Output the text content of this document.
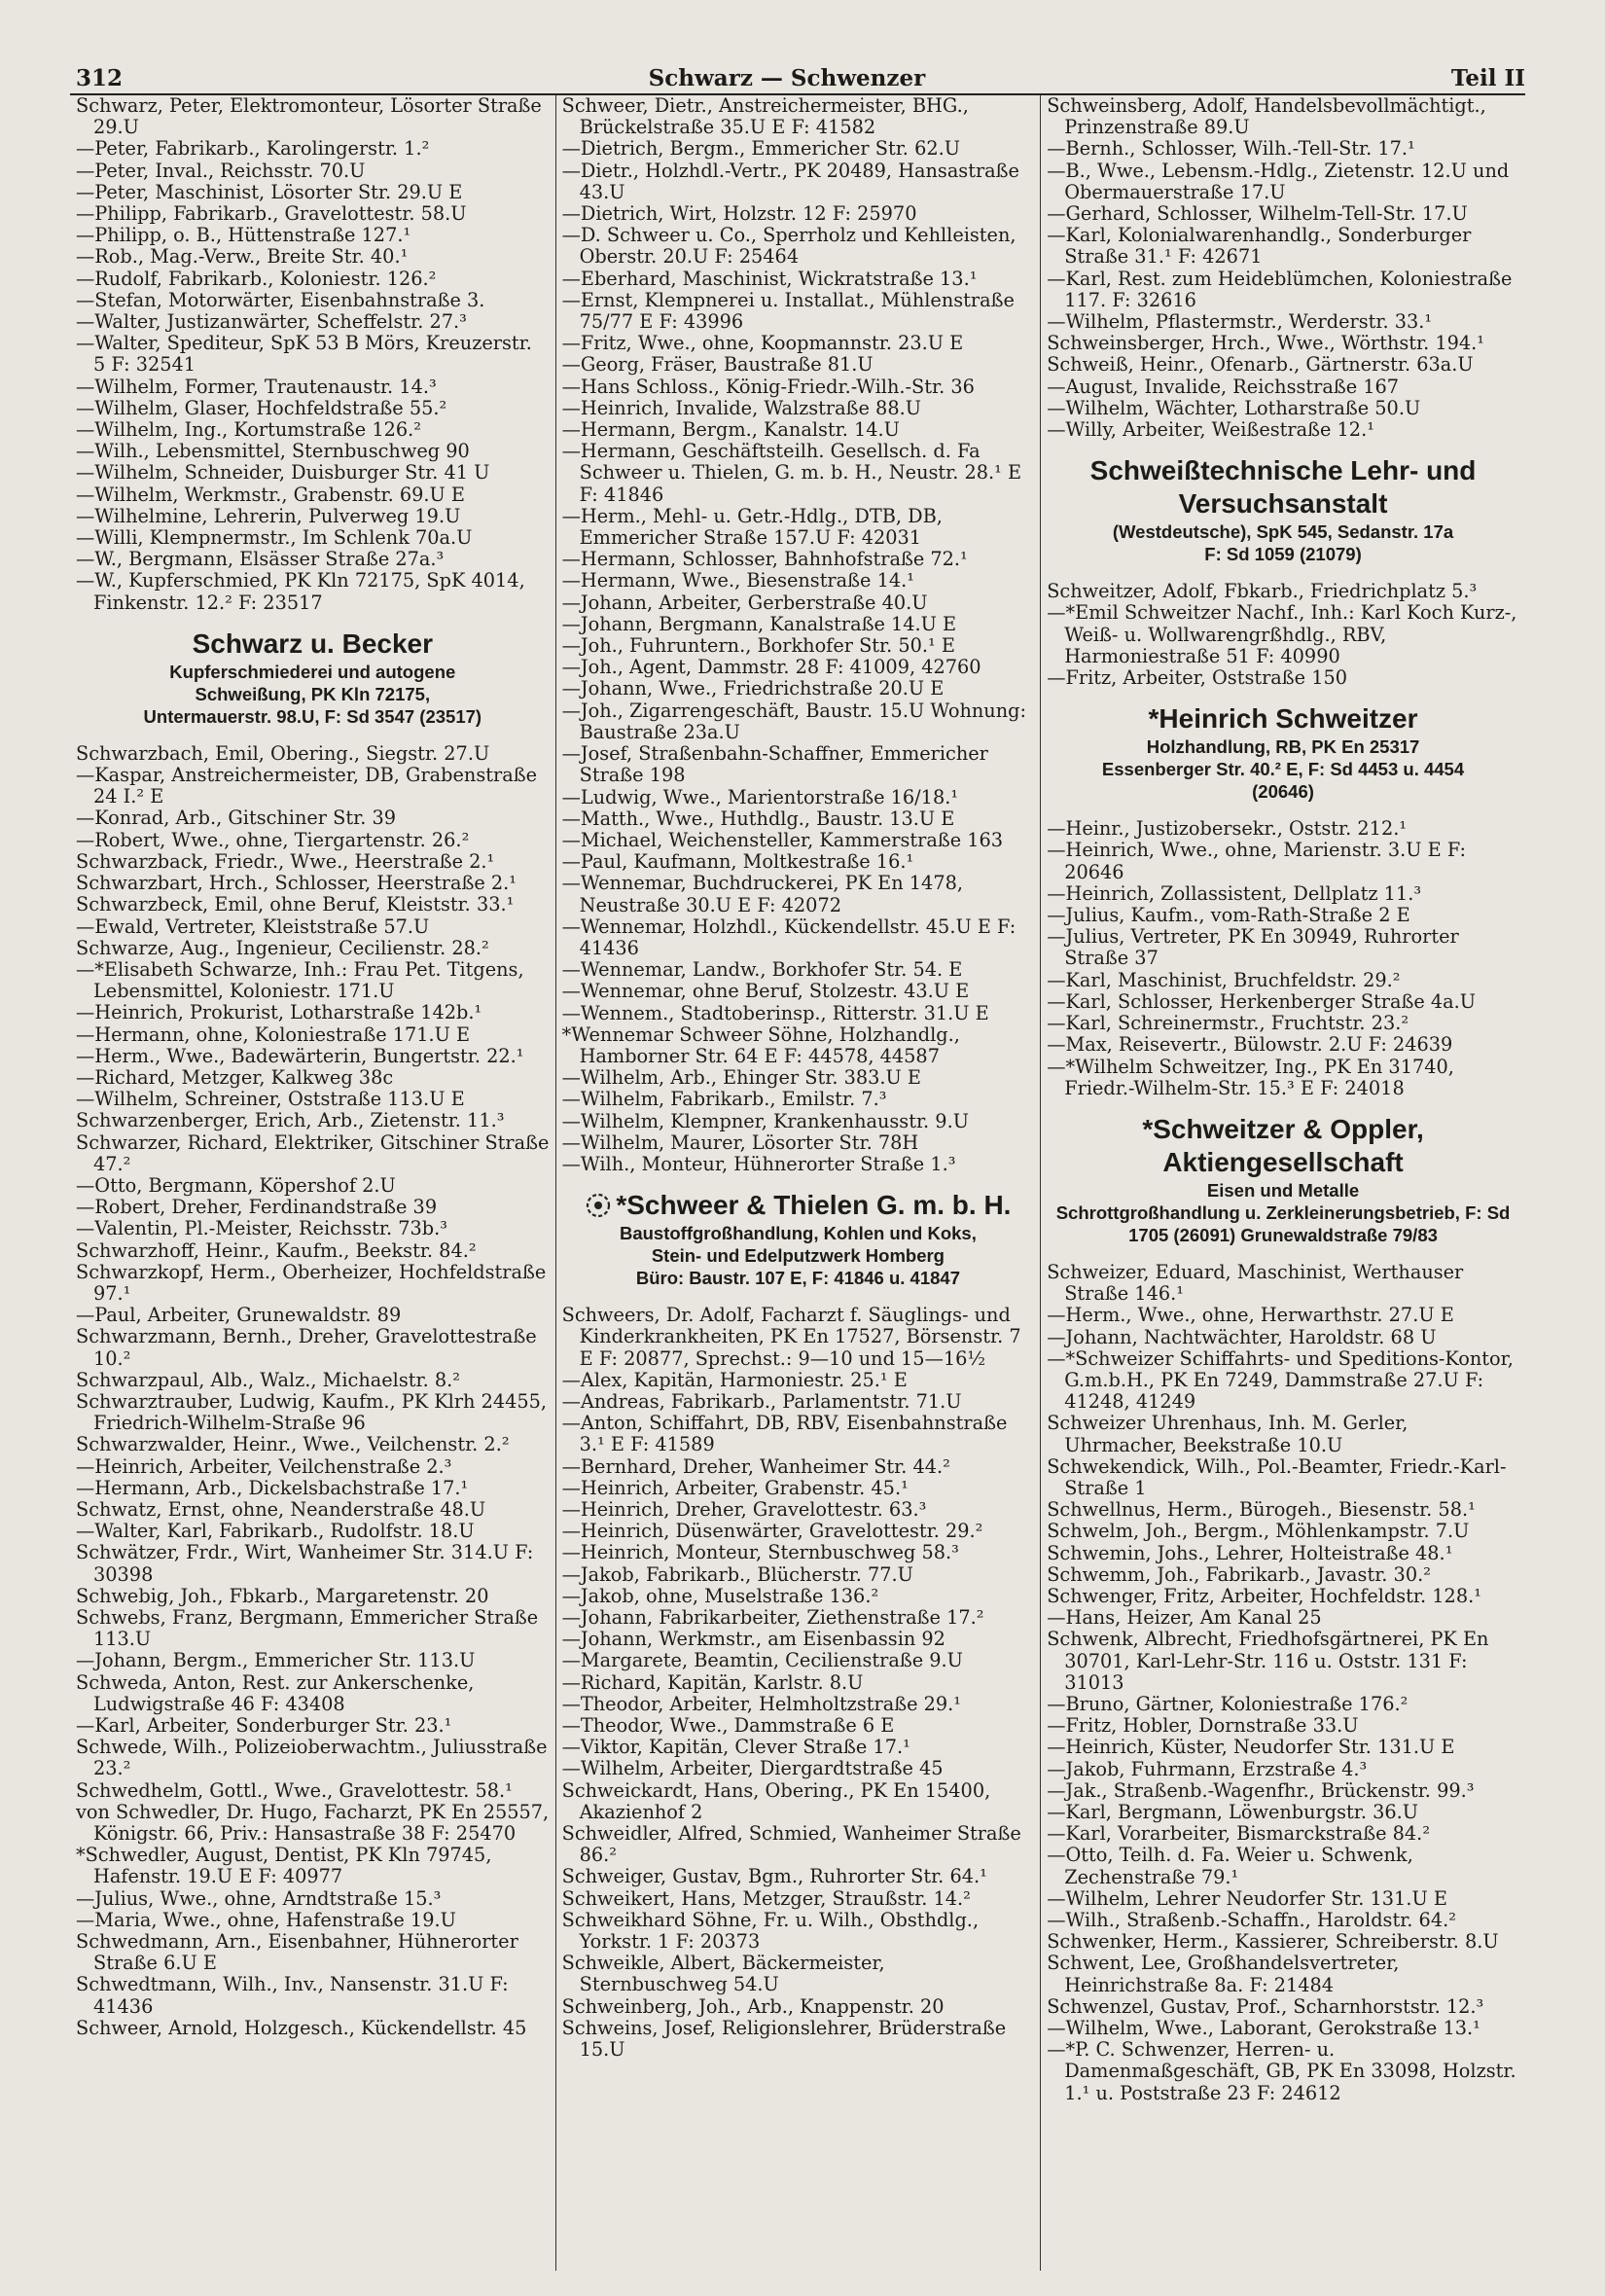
312	Schwarz — Schwenzer	Teil II
Schwarz, Peter, Elektromonteur, Lösorter Straße 29.U
—Peter, Fabrikarb., Karolingerstr. 1.²
—Peter, Inval., Reichsstr. 70.U
—Peter, Maschinist, Lösorter Str. 29.U E
—Philipp, Fabrikarb., Gravelottestr. 58.U
—Philipp, o. B., Hüttenstraße 127.¹
—Rob., Mag.-Verw., Breite Str. 40.¹
—Rudolf, Fabrikarb., Koloniestr. 126.²
—Stefan, Motorwärter, Eisenbahnstraße 3.
—Walter, Justizanwärter, Scheffelstr. 27.³
—Walter, Spediteur, SpK 53 B Mörs, Kreuzerstr. 5 F: 32541
—Wilhelm, Former, Trautenaustr. 14.³
—Wilhelm, Glaser, Hochfeldstraße 55.²
—Wilhelm, Ing., Kortumstraße 126.²
—Wilh., Lebensmittel, Sternbuschweg 90
—Wilhelm, Schneider, Duisburger Str. 41 U
—Wilhelm, Werkmstr., Grabenstr. 69.U E
—Wilhelmine, Lehrerin, Pulverweg 19.U
—Willi, Klempnermstr., Im Schlenk 70a.U
—W., Bergmann, Elsässer Straße 27a.³
—W., Kupferschmied, PK Kln 72175, SpK 4014, Finkenstr. 12.² F: 23517
Schwarz u. Becker
Kupferschmiederei und autogene
Schweißung, PK Kln 72175,
Untermauerstr. 98.U, F: Sd 3547 (23517)
Schwarzbach, Emil, Obering., Siegstr. 27.U
—Kaspar, Anstreichermeister, DB, Grabenstraße 24 I.² E
—Konrad, Arb., Gitschiner Str. 39
—Robert, Wwe., ohne, Tiergartenstr. 26.²
Schwarzback, Friedr., Wwe., Heerstraße 2.¹
Schwarzbart, Hrch., Schlosser, Heerstraße 2.¹
Schwarzbeck, Emil, ohne Beruf, Kleiststr. 33.¹
—Ewald, Vertreter, Kleiststraße 57.U
Schwarze, Aug., Ingenieur, Cecilienstr. 28.²
—*Elisabeth Schwarze, Inh.: Frau Pet. Titgens, Lebensmittel, Koloniestr. 171.U
—Heinrich, Prokurist, Lotharstraße 142b.¹
—Hermann, ohne, Koloniestraße 171.U E
—Herm., Wwe., Badewärterin, Bungertstr. 22.¹
—Richard, Metzger, Kalkweg 38c
—Wilhelm, Schreiner, Oststraße 113.U E
Schwarzenberger, Erich, Arb., Zietenstr. 11.³
Schwarzer, Richard, Elektriker, Gitschiner Straße 47.²
—Otto, Bergmann, Köpershof 2.U
—Robert, Dreher, Ferdinandstraße 39
—Valentin, Pl.-Meister, Reichsstr. 73b.³
Schwarzhoff, Heinr., Kaufm., Beekstr. 84.²
Schwarzkopf, Herm., Oberheizer, Hochfeldstraße 97.¹
—Paul, Arbeiter, Grunewaldstr. 89
Schwarzmann, Bernh., Dreher, Gravelottestraße 10.²
Schwarzpaul, Alb., Walz., Michaelstr. 8.²
Schwarztrauber, Ludwig, Kaufm., PK Klrh 24455, Friedrich-Wilhelm-Straße 96
Schwarzwalder, Heinr., Wwe., Veilchenstr. 2.²
—Heinrich, Arbeiter, Veilchenstraße 2.³
—Hermann, Arb., Dickelsbachstraße 17.¹
Schwatz, Ernst, ohne, Neanderstraße 48.U
—Walter, Karl, Fabrikarb., Rudolfstr. 18.U
Schwätzer, Frdr., Wirt, Wanheimer Str. 314.U F: 30398
Schwebig, Joh., Fbkarb., Margaretenstr. 20
Schwebs, Franz, Bergmann, Emmericher Straße 113.U
—Johann, Bergm., Emmericher Str. 113.U
Schweda, Anton, Rest. zur Ankerschenke, Ludwigstraße 46 F: 43408
—Karl, Arbeiter, Sonderburger Str. 23.¹
Schwede, Wilh., Polizeioberwachtm., Juliusstraße 23.²
Schwedhelm, Gottl., Wwe., Gravelottestr. 58.¹
von Schwedler, Dr. Hugo, Facharzt, PK En 25557, Königstr. 66, Priv.: Hansastraße 38 F: 25470
*Schwedler, August, Dentist, PK Kln 79745, Hafenstr. 19.U E F: 40977
—Julius, Wwe., ohne, Arndtstraße 15.³
—Maria, Wwe., ohne, Hafenstraße 19.U
Schwedmann, Arn., Eisenbahner, Hühnerorter Straße 6.U E
Schwedtmann, Wilh., Inv., Nansenstr. 31.U F: 41436
Schweer, Arnold, Holzgesch., Kückendellstr. 45
Schweer, Dietr., Anstreichermeister, BHG., Brückelstraße 35.U E F: 41582
—Dietrich, Bergm., Emmericher Str. 62.U
—Dietr., Holzhdl.-Vertr., PK 20489, Hansastraße 43.U
—Dietrich, Wirt, Holzstr. 12 F: 25970
—D. Schweer u. Co., Sperrholz und Kehlleisten, Oberstr. 20.U F: 25464
—Eberhard, Maschinist, Wickratstraße 13.¹
—Ernst, Klempnerei u. Installat., Mühlenstraße 75/77 E F: 43996
—Fritz, Wwe., ohne, Koopmannstr. 23.U E
—Georg, Fräser, Baustraße 81.U
—Hans Schloss., König-Friedr.-Wilh.-Str. 36
—Heinrich, Invalide, Walzstraße 88.U
—Hermann, Bergm., Kanalstr. 14.U
—Hermann, Geschäftsteilh. Gesellsch. d. Fa Schweer u. Thielen, G. m. b. H., Neustr. 28.¹ E F: 41846
—Herm., Mehl- u. Getr.-Hdlg., DTB, DB, Emmericher Straße 157.U F: 42031
—Hermann, Schlosser, Bahnhofstraße 72.¹
—Hermann, Wwe., Biesenstraße 14.¹
—Johann, Arbeiter, Gerberstraße 40.U
—Johann, Bergmann, Kanalstraße 14.U E
—Joh., Fuhruntern., Borkhofer Str. 50.¹ E
—Joh., Agent, Dammstr. 28 F: 41009, 42760
—Johann, Wwe., Friedrichstraße 20.U E
—Joh., Zigarrengeschäft, Baustr. 15.U Wohnung: Baustraße 23a.U
—Josef, Straßenbahn-Schaffner, Emmericher Straße 198
—Ludwig, Wwe., Marientorstraße 16/18.¹
—Matth., Wwe., Huthdlg., Baustr. 13.U E
—Michael, Weichensteller, Kammerstraße 163
—Paul, Kaufmann, Moltkestraße 16.¹
—Wennemar, Buchdruckerei, PK En 1478, Neustraße 30.U E F: 42072
—Wennemar, Holzhdl., Kückendellstr. 45.U E F: 41436
—Wennemar, Landw., Borkhofer Str. 54. E
—Wennemar, ohne Beruf, Stolzestr. 43.U E
—Wennem., Stadtoberinsp., Ritterstr. 31.U E
*Wennemar Schweer Söhne, Holzhandlg., Hamborner Str. 64 E F: 44578, 44587
—Wilhelm, Arb., Ehinger Str. 383.U E
—Wilhelm, Fabrikarb., Emilstr. 7.³
—Wilhelm, Klempner, Krankenhausstr. 9.U
—Wilhelm, Maurer, Lösorter Str. 78H
—Wilh., Monteur, Hühnerorter Straße 1.³
*Schweer & Thielen G. m. b. H.
Baustoffgroßhandlung, Kohlen und Koks,
Stein- und Edelputzwerk Homberg
Büro: Baustr. 107 E, F: 41846 u. 41847
Schweers, Dr. Adolf, Facharzt f. Säuglings- und Kinderkrankheiten, PK En 17527, Börsenstr. 7 E F: 20877, Sprechst.: 9—10 und 15—16½
—Alex, Kapitän, Harmoniestr. 25.¹ E
—Andreas, Fabrikarb., Parlamentstr. 71.U
—Anton, Schiffahrt, DB, RBV, Eisenbahnstraße 3.¹ E F: 41589
—Bernhard, Dreher, Wanheimer Str. 44.²
—Heinrich, Arbeiter, Grabenstr. 45.¹
—Heinrich, Dreher, Gravelottestr. 63.³
—Heinrich, Düsenwärter, Gravelottestr. 29.²
—Heinrich, Monteur, Sternbuschweg 58.³
—Jakob, Fabrikarb., Blücherstr. 77.U
—Jakob, ohne, Muselstraße 136.²
—Johann, Fabrikarbeiter, Ziethenstraße 17.²
—Johann, Werkmstr., am Eisenbassin 92
—Margarete, Beamtin, Cecilienstraße 9.U
—Richard, Kapitän, Karlstr. 8.U
—Theodor, Arbeiter, Helmholtzstraße 29.¹
—Theodor, Wwe., Dammstraße 6 E
—Viktor, Kapitän, Clever Straße 17.¹
—Wilhelm, Arbeiter, Diergardtstraße 45
Schweickardt, Hans, Obering., PK En 15400, Akazienhof 2
Schweidler, Alfred, Schmied, Wanheimer Straße 86.²
Schweiger, Gustav, Bgm., Ruhrorter Str. 64.¹
Schweikert, Hans, Metzger, Straußstr. 14.²
Schweikhard Söhne, Fr. u. Wilh., Obsthdlg., Yorkstr. 1 F: 20373
Schweikle, Albert, Bäckermeister, Sternbuschweg 54.U
Schweinberg, Joh., Arb., Knappenstr. 20
Schweins, Josef, Religionslehrer, Brüderstraße 15.U
Schweinsberg, Adolf, Handelsbevollmächtigt., Prinzenstraße 89.U
—Bernh., Schlosser, Wilh.-Tell-Str. 17.¹
—B., Wwe., Lebensm.-Hdlg., Zietenstr. 12.U und Obermauerstraße 17.U
—Gerhard, Schlosser, Wilhelm-Tell-Str. 17.U
—Karl, Kolonialwarenhandlg., Sonderburger Straße 31.¹ F: 42671
—Karl, Rest. zum Heideblümchen, Koloniestraße 117. F: 32616
—Wilhelm, Pflastermstr., Werderstr. 33.¹
Schweinsberger, Hrch., Wwe., Wörthstr. 194.¹
Schweiß, Heinr., Ofenarb., Gärtnerstr. 63a.U
—August, Invalide, Reichsstraße 167
—Wilhelm, Wächter, Lotharstraße 50.U
—Willy, Arbeiter, Weißestraße 12.¹
Schweißtechnische Lehr- und Versuchsanstalt
(Westdeutsche), SpK 545, Sedanstr. 17a
F: Sd 1059 (21079)
Schweitzer, Adolf, Fbkarb., Friedrichplatz 5.³
—*Emil Schweitzer Nachf., Inh.: Karl Koch Kurz-, Weiß- u. Wollwarengrßhdlg., RBV, Harmoniestraße 51 F: 40990
—Fritz, Arbeiter, Oststraße 150
*Heinrich Schweitzer
Holzhandlung, RB, PK En 25317
Essenberger Str. 40.² E, F: Sd 4453 u. 4454
(20646)
—Heinr., Justizobersekr., Oststr. 212.¹
—Heinrich, Wwe., ohne, Marienstr. 3.U E F: 20646
—Heinrich, Zollassistent, Dellplatz 11.³
—Julius, Kaufm., vom-Rath-Straße 2 E
—Julius, Vertreter, PK En 30949, Ruhrorter Straße 37
—Karl, Maschinist, Bruchfeldstr. 29.²
—Karl, Schlosser, Herkenberger Straße 4a.U
—Karl, Schreinermstr., Fruchtstr. 23.²
—Max, Reisevertr., Bülowstr. 2.U F: 24639
—*Wilhelm Schweitzer, Ing., PK En 31740, Friedr.-Wilhelm-Str. 15.³ E F: 24018
*Schweitzer & Oppler, Aktiengesellschaft
Eisen und Metalle
Schrottgroßhandlung u. Zerkleinerungsbetrieb, F: Sd 1705 (26091) Grunewaldstraße 79/83
Schweizer, Eduard, Maschinist, Werthauser Straße 146.¹
—Herm., Wwe., ohne, Herwarthstr. 27.U E
—Johann, Nachtwächter, Haroldstr. 68 U
—*Schweizer Schiffahrts- und Speditions-Kontor, G.m.b.H., PK En 7249, Dammstraße 27.U F: 41248, 41249
Schweizer Uhrenhaus, Inh. M. Gerler, Uhrmacher, Beekstraße 10.U
Schwekendick, Wilh., Pol.-Beamter, Friedr.-Karl-Straße 1
Schwellnus, Herm., Bürogeh., Biesenstr. 58.¹
Schwelm, Joh., Bergm., Möhlenkampstr. 7.U
Schwemin, Johs., Lehrer, Holteistraße 48.¹
Schwemm, Joh., Fabrikarb., Javastr. 30.²
Schwenger, Fritz, Arbeiter, Hochfeldstr. 128.¹
—Hans, Heizer, Am Kanal 25
Schwenk, Albrecht, Friedhofsgärtnerei, PK En 30701, Karl-Lehr-Str. 116 u. Oststr. 131 F: 31013
—Bruno, Gärtner, Koloniestraße 176.²
—Fritz, Hobler, Dornstraße 33.U
—Heinrich, Küster, Neudorfer Str. 131.U E
—Jakob, Fuhrmann, Erzstraße 4.³
—Jak., Straßenb.-Wagenfhr., Brückenstr. 99.³
—Karl, Bergmann, Löwenburgstr. 36.U
—Karl, Vorarbeiter, Bismarckstraße 84.²
—Otto, Teilh. d. Fa. Weier u. Schwenk, Zechenstraße 79.¹
—Wilhelm, Lehrer Neudorfer Str. 131.U E
—Wilh., Straßenb.-Schaffn., Haroldstr. 64.²
Schwenker, Herm., Kassierer, Schreiberstr. 8.U
Schwent, Lee, Großhandelsvertreter, Heinrichstraße 8a. F: 21484
Schwenzel, Gustav, Prof., Scharnhorststr. 12.³
—Wilhelm, Wwe., Laborant, Gerokstraße 13.¹
—*P. C. Schwenzer, Herren- u. Damenmaßgeschäft, GB, PK En 33098, Holzstr. 1.¹ u. Poststraße 23 F: 24612
